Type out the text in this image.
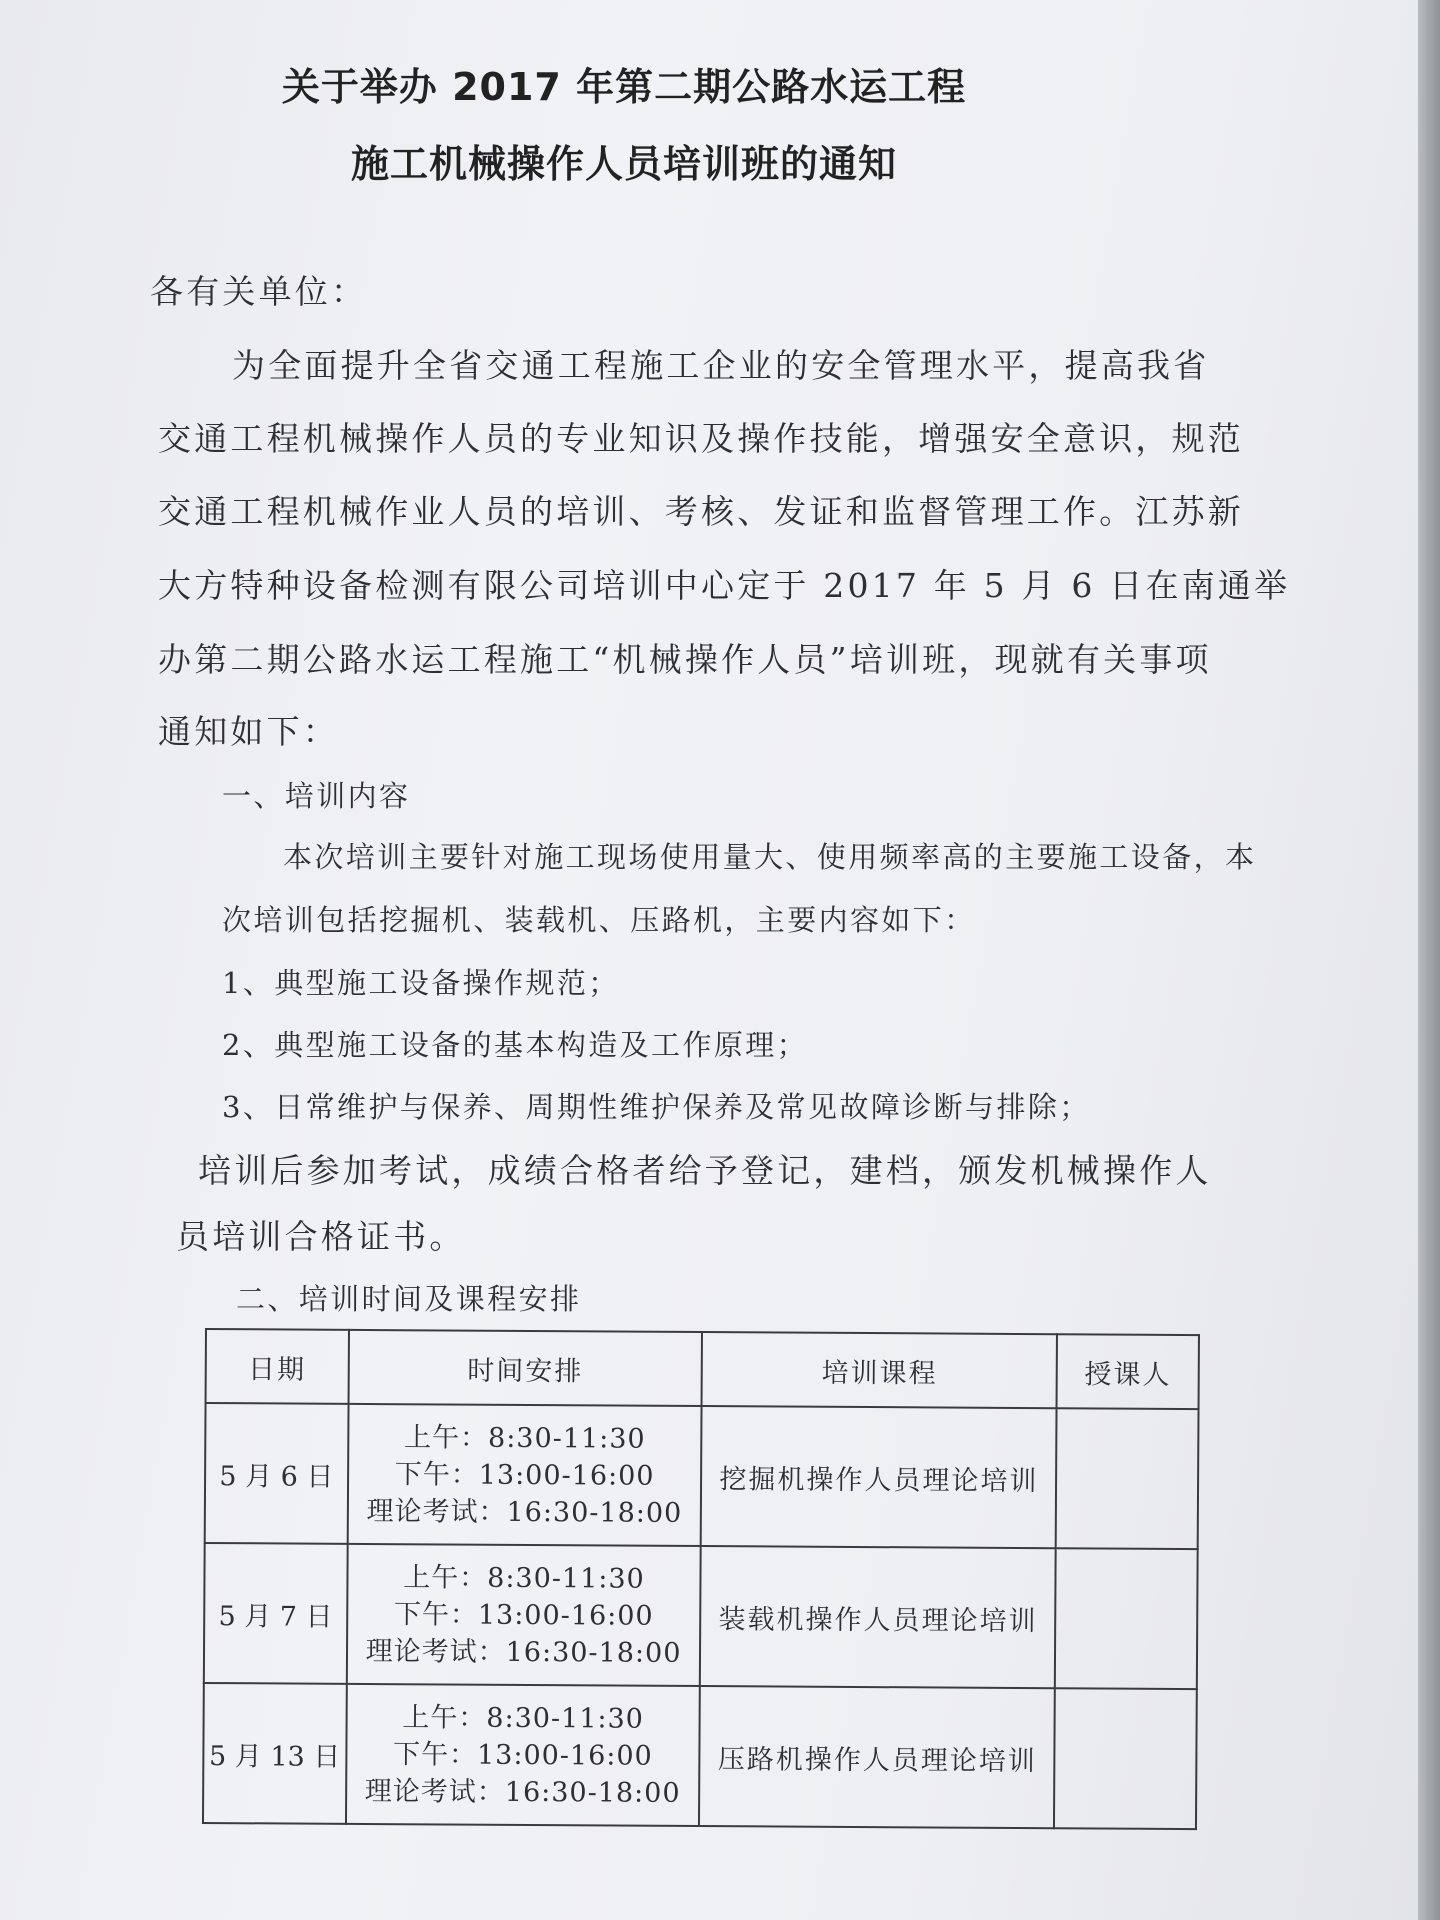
关于举办 2017 年第二期公路水运工程
施工机械操作人员培训班的通知
各有关单位：
为全面提升全省交通工程施工企业的安全管理水平，提高我省
交通工程机械操作人员的专业知识及操作技能，增强安全意识，规范
交通工程机械作业人员的培训、考核、发证和监督管理工作。江苏新
大方特种设备检测有限公司培训中心定于 2017 年 5 月 6 日在南通举
办第二期公路水运工程施工“机械操作人员”培训班，现就有关事项
通知如下：
一、培训内容
本次培训主要针对施工现场使用量大、使用频率高的主要施工设备，本
次培训包括挖掘机、装载机、压路机，主要内容如下：
1、典型施工设备操作规范；
2、典型施工设备的基本构造及工作原理；
3、日常维护与保养、周期性维护保养及常见故障诊断与排除；
培训后参加考试，成绩合格者给予登记，建档，颁发机械操作人
员培训合格证书。
二、培训时间及课程安排
日期	时间安排	培训课程	授课人
5 月 6 日	上午：8:30-11:30
下午：13:00-16:00
理论考试：16:30-18:00	挖掘机操作人员理论培训	
5 月 7 日	上午：8:30-11:30
下午：13:00-16:00
理论考试：16:30-18:00	装载机操作人员理论培训	
5 月 13 日	上午：8:30-11:30
下午：13:00-16:00
理论考试：16:30-18:00	压路机操作人员理论培训	
